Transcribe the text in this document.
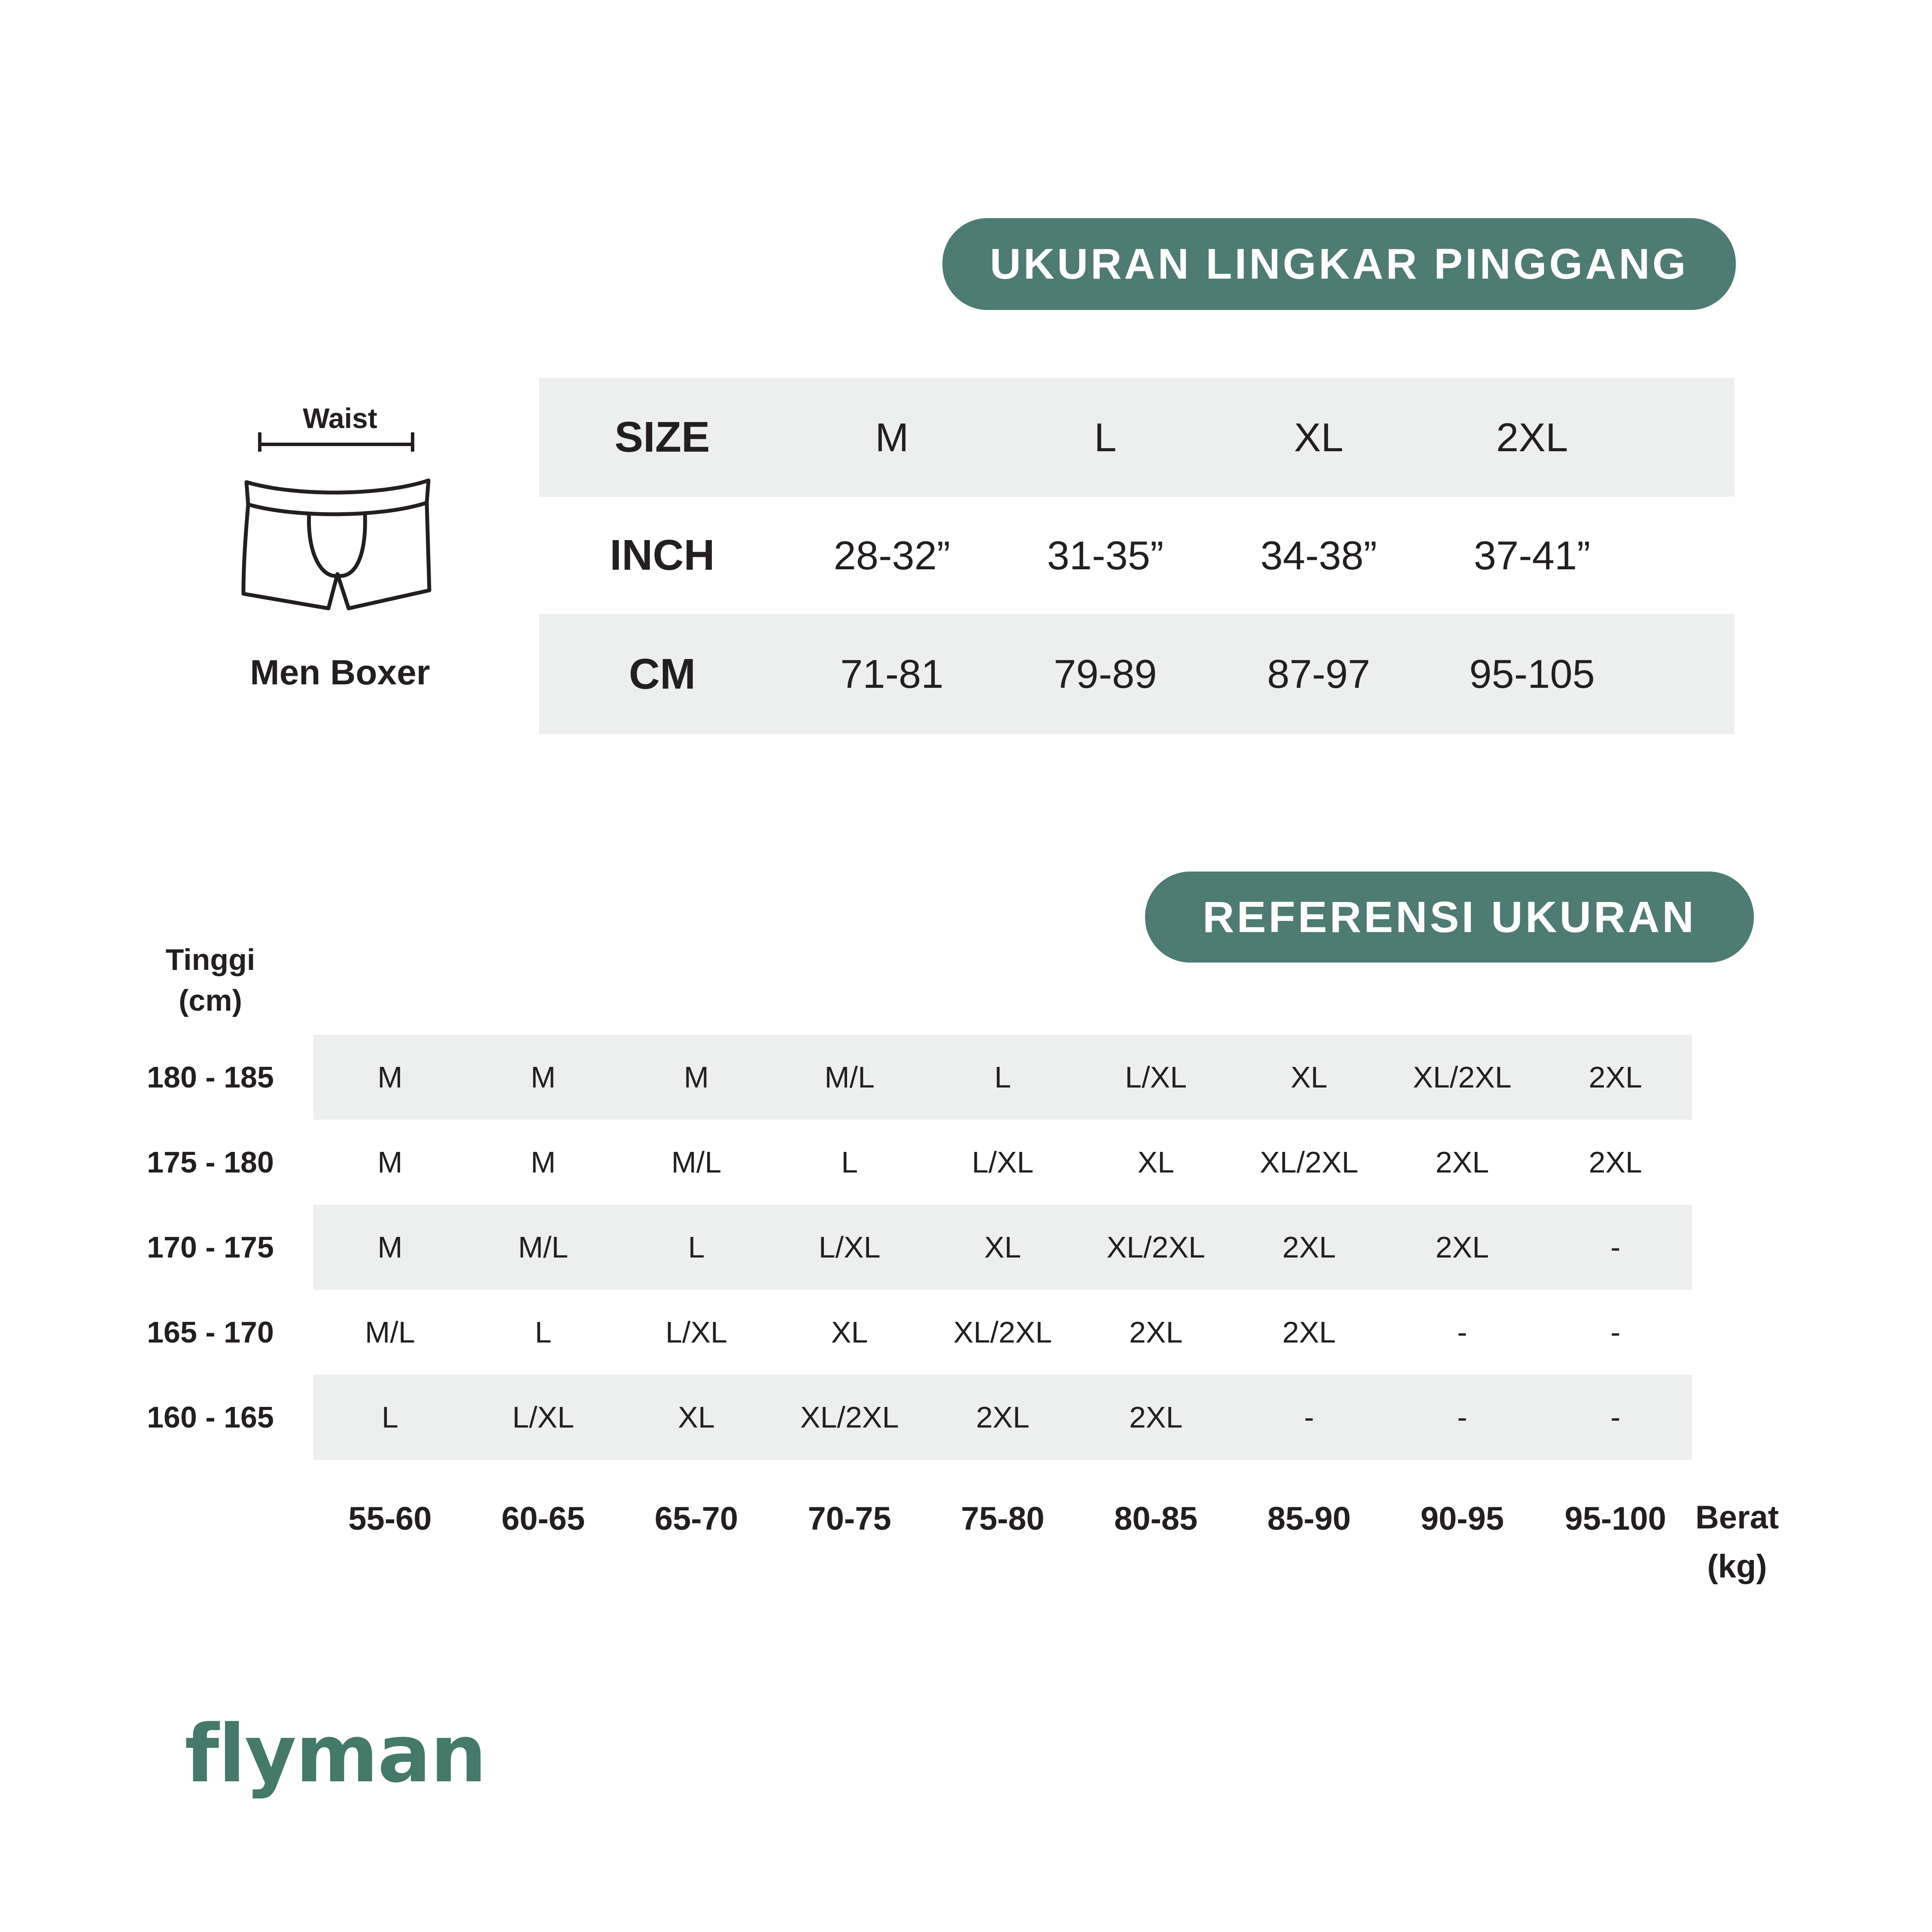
UKURAN LINGKAR PINGGANG
Waist
Men Boxer
SIZE	M	L	XL	2XL
INCH	28-32”	31-35”	34-38”	37-41”
CM	71-81	79-89	87-97	95-105
REFERENSI UKURAN
Tinggi
(cm)
180 - 185	M	M	M	M/L	L	L/XL	XL	XL/2XL	2XL
175 - 180	M	M	M/L	L	L/XL	XL	XL/2XL	2XL	2XL
170 - 175	M	M/L	L	L/XL	XL	XL/2XL	2XL	2XL	-
165 - 170	M/L	L	L/XL	XL	XL/2XL	2XL	2XL	-	-
160 - 165	L	L/XL	XL	XL/2XL	2XL	2XL	-	-	-
55-60	60-65	65-70	70-75	75-80	80-85	85-90	90-95	95-100 Berat
(kg)
flyman
